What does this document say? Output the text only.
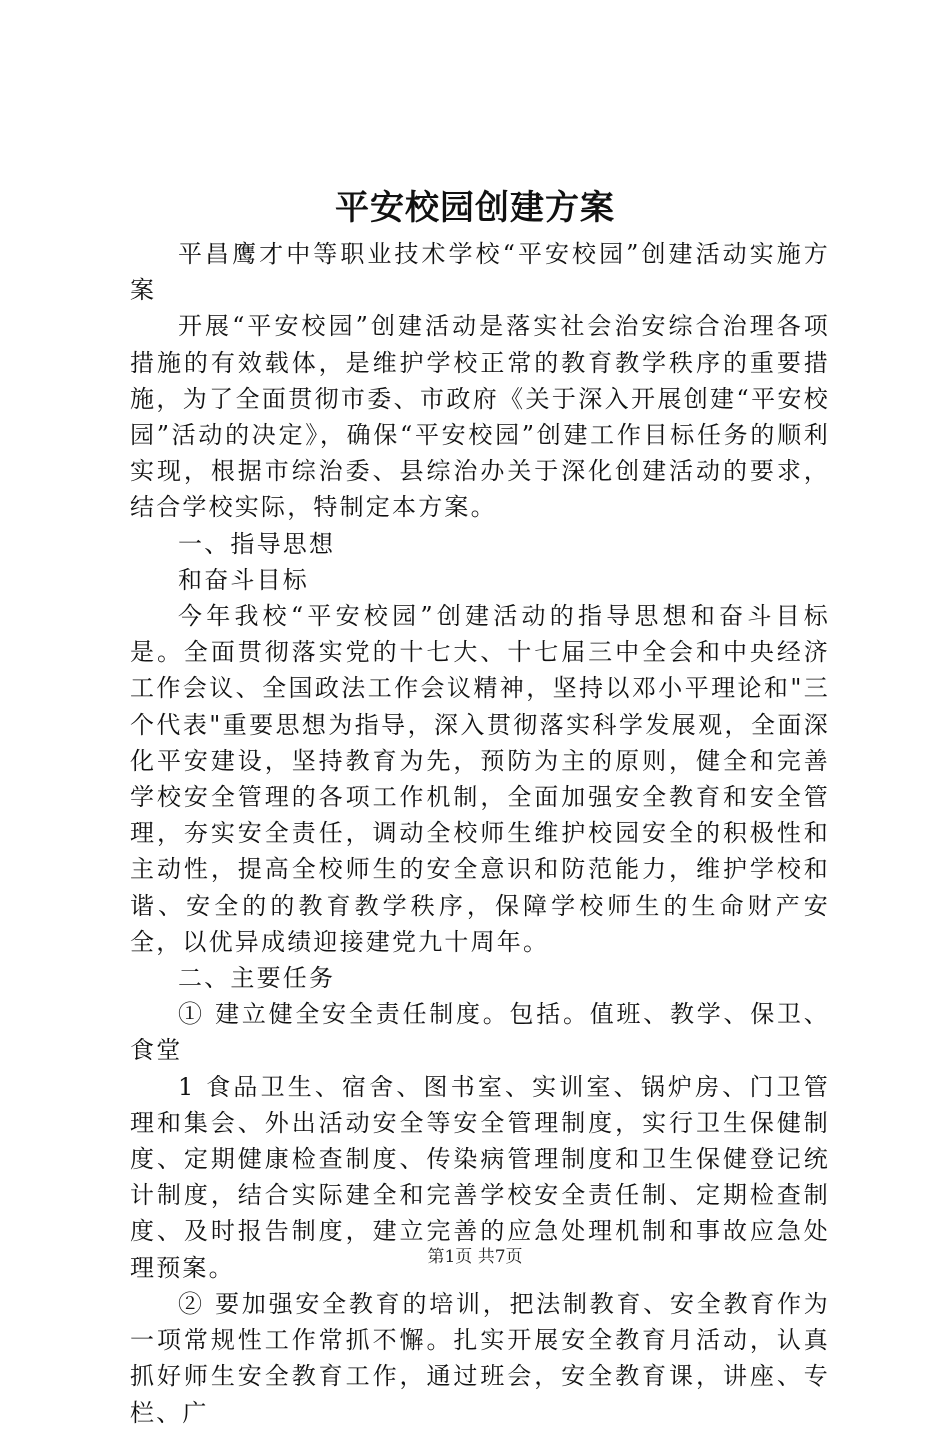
平安校园创建方案

平昌鹰才中等职业技术学校“平安校园”创建活动实施方案

开展“平安校园”创建活动是落实社会治安综合治理各项措施的有效载体，是维护学校正常的教育教学秩序的重要措施，为了全面贯彻市委、市政府《关于深入开展创建“平安校园”活动的决定》，确保“平安校园”创建工作目标任务的顺利实现，根据市综治委、县综治办关于深化创建活动的要求，结合学校实际，特制定本方案。

一、指导思想

和奋斗目标

今年我校“平安校园”创建活动的指导思想和奋斗目标是。全面贯彻落实党的十七大、十七届三中全会和中央经济工作会议、全国政法工作会议精神，坚持以邓小平理论和"三个代表"重要思想为指导，深入贯彻落实科学发展观，全面深化平安建设，坚持教育为先，预防为主的原则，健全和完善学校安全管理的各项工作机制，全面加强安全教育和安全管理，夯实安全责任，调动全校师生维护校园安全的积极性和主动性，提高全校师生的安全意识和防范能力，维护学校和谐、安全的的教育教学秩序，保障学校师生的生命财产安全，以优异成绩迎接建党九十周年。

二、主要任务

① 建立健全安全责任制度。包括。值班、教学、保卫、食堂

1 食品卫生、宿舍、图书室、实训室、锅炉房、门卫管理和集会、外出活动安全等安全管理制度，实行卫生保健制度、定期健康检查制度、传染病管理制度和卫生保健登记统计制度，结合实际建全和完善学校安全责任制、定期检查制度、及时报告制度，建立完善的应急处理机制和事故应急处理预案。

② 要加强安全教育的培训，把法制教育、安全教育作为一项常规性工作常抓不懈。扎实开展安全教育月活动，认真抓好师生安全教育工作，通过班会，安全教育课，讲座、专栏、广

第1页 共7页
